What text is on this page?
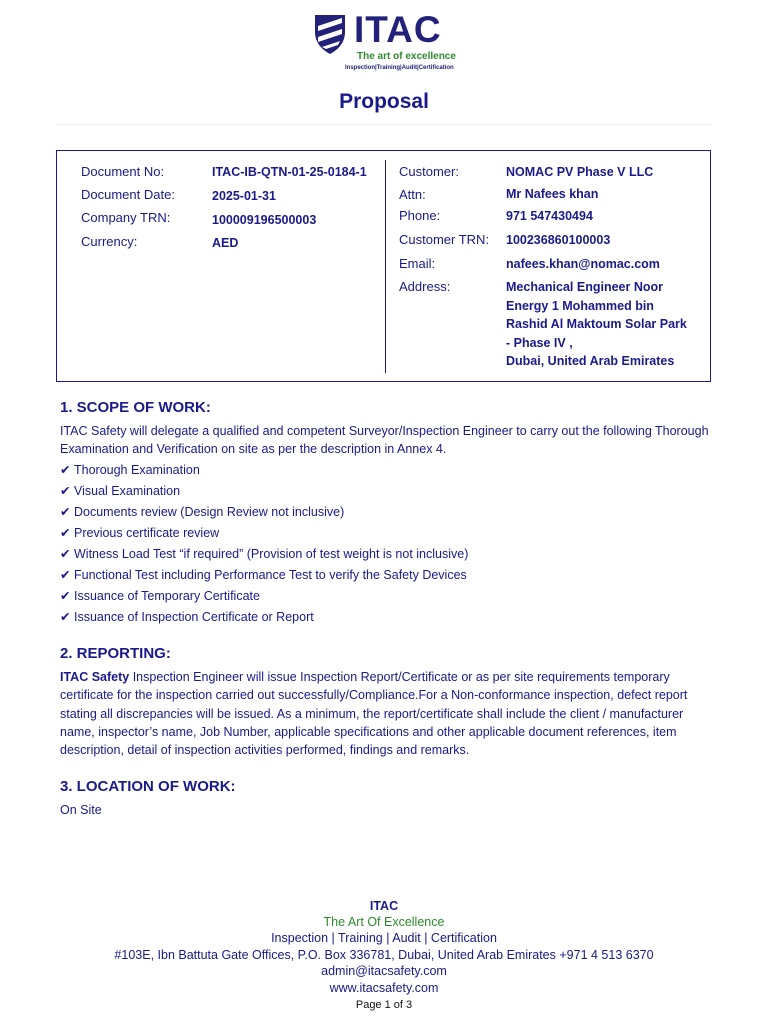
ITAC
The art of excellence
Inspection|Training|Audit|Certification
Proposal
Document No:	ITAC-IB-QTN-01-25-0184-1
Document Date:	2025-01-31
Company TRN:	100009196500003
Currency:	AED
Customer:	NOMAC PV Phase V LLC
Attn:	Mr Nafees khan
Phone:	971 547430494
Customer TRN: 100236860100003
Email:	nafees.khan@nomac.com
Address:	Mechanical Engineer Noor
Energy 1 Mohammed bin
Rashid Al Maktoum Solar Park
- Phase IV ,
Dubai, United Arab Emirates
1. SCOPE OF WORK:
ITAC Safety will delegate a qualified and competent Surveyor/Inspection Engineer to carry out the following Thorough Examination and Verification on site as per the description in Annex 4.
✔ Thorough Examination
✔ Visual Examination
✔ Documents review (Design Review not inclusive)
✔ Previous certificate review
✔ Witness Load Test “if required” (Provision of test weight is not inclusive)
✔ Functional Test including Performance Test to verify the Safety Devices
✔ Issuance of Temporary Certificate
✔ Issuance of Inspection Certificate or Report
2. REPORTING:
ITAC Safety Inspection Engineer will issue Inspection Report/Certificate or as per site requirements temporary certificate for the inspection carried out successfully/Compliance.For a Non-conformance inspection, defect report stating all discrepancies will be issued. As a minimum, the report/certificate shall include the client / manufacturer name, inspector’s name, Job Number, applicable specifications and other applicable document references, item description, detail of inspection activities performed, findings and remarks.
3. LOCATION OF WORK:
On Site
ITAC
The Art Of Excellence
Inspection | Training | Audit | Certification
#103E, Ibn Battuta Gate Offices, P.O. Box 336781, Dubai, United Arab Emirates +971 4 513 6370
admin@itacsafety.com
www.itacsafety.com
Page 1 of 3
